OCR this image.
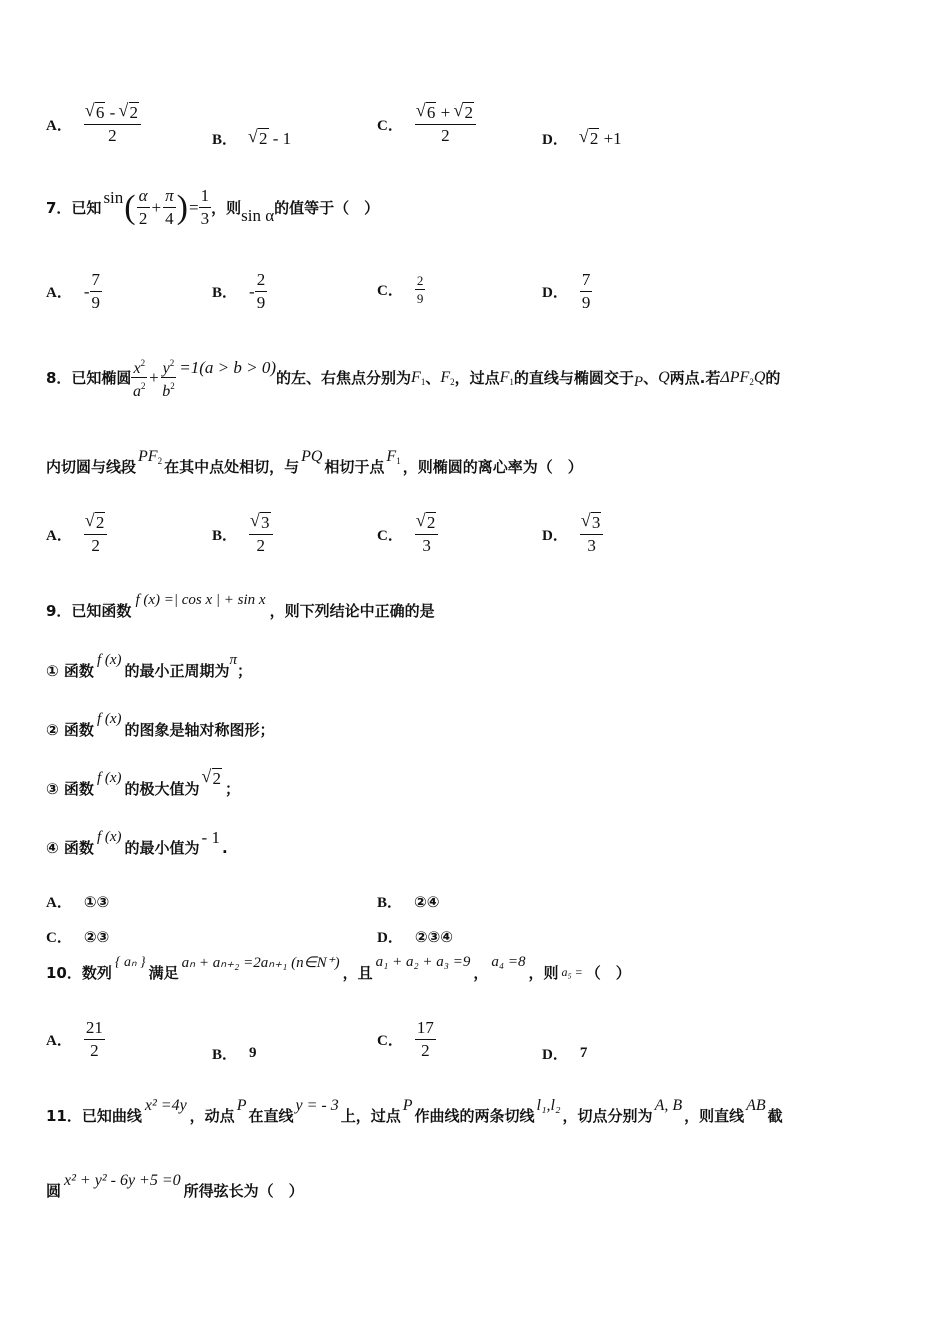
A． √ $\frac{6 - √ 2}{2}$	B．	√ 2 - 1
C． √ $\frac{6 + √ 2}{2}$	D．	√ 2 +1
7．已知
sin ( $\frac{\alpha}{2} + \frac{\pi}{4}$ ) = $\frac{1}{3}$ ，则 sin α 的值等于（　）
A． - $\frac{7}{9}$	B． - $\frac{2}{9}$	C． $\frac{2}{9}$	D． $\frac{7}{9}$
8．已知椭圆 $\frac{x^2}{a^2} + \frac{y^2}{b^2} =1(a > b > 0)$
的左、右焦点分别为 $F_1$ 、 $F_2$ ，过点 $F_1$ 的直线与椭圆交于 P 、 Q 两点.若 $\Delta PF_2Q$ 的
内切圆与线段
$PF_2$ 在其中点处相切，与
PQ
相切于点
$F_1$ ，则椭圆的离心率为（　）
A． √ $\frac{2}{2}$	B． √ $\frac{3}{2}$	C． √ $\frac{2}{3}$	D． √ $\frac{3}{3}$
9．已知函数
f (x) =| cos x | + sin x
，则下列结论中正确的是
① 函数
f (x)
的最小正周期为
π
；
② 函数
f (x)
的图象是轴对称图形；
③ 函数
f (x)
的极大值为
√ 2
；
④ 函数
f (x)
的最小值为
- 1
.
A． ①③	B． ②④
C． ②③	D． ②③④
10．数列
{ aₙ }
满足
aₙ + aₙ₊₂ =2aₙ₊₁ (n∈N⁺)
，且
a₁ + a₂ + a₃ =9
，
a₄ =8
，则 a₅ = （　）
A． $\frac{21}{2}$	B． 9
C． $\frac{17}{2}$	D． 7
11．已知曲线
x² =4y
，动点
P
在直线
y = - 3
上，过点
P
作曲线的两条切线
l₁,l₂
，切点分别为
A, B
，则直线
AB
截
圆
x² + y² - 6y +5 =0
所得弦长为（　）
